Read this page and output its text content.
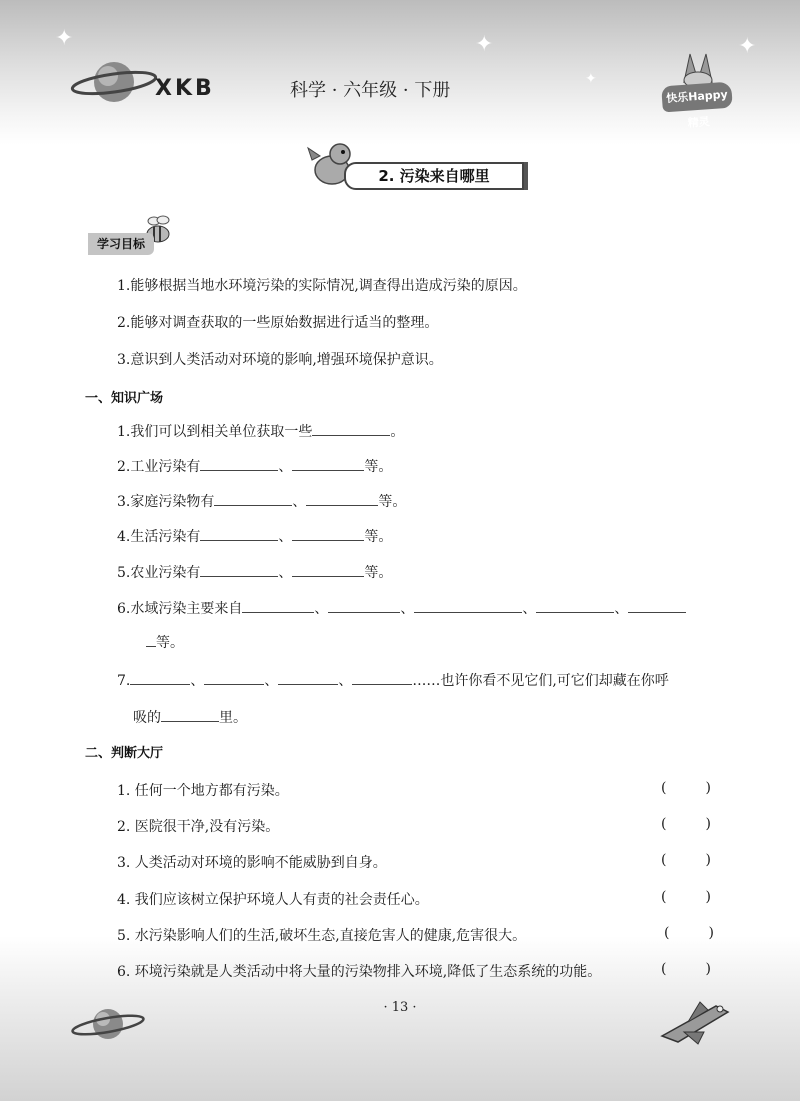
✦	✦	✦
✦
XKB	科学 · 六年级 · 下册	快乐Happy精灵
2. 污染来自哪里
学习目标
1.能够根据当地水环境污染的实际情况,调查得出造成污染的原因。
2.能够对调查获取的一些原始数据进行适当的整理。
3.意识到人类活动对环境的影响,增强环境保护意识。
一、知识广场
1.我们可以到相关单位获取一些	。
2.工业污染有	、	等。
3.家庭污染物有	、	等。
4.生活污染有	、	等。
5.农业污染有	、	等。
6.水域污染主要来自	、	、	、	、
等。
7.	、	、	、	……也许你看不见它们,可它们却藏在你呼
吸的	里。
二、判断大厅
1. 任何一个地方都有污染。	(	)
2. 医院很干净,没有污染。	(	)
3. 人类活动对环境的影响不能威胁到自身。	(	)
4. 我们应该树立保护环境人人有责的社会责任心。	(	)
5. 水污染影响人们的生活,破坏生态,直接危害人的健康,危害很大。	(	)
6. 环境污染就是人类活动中将大量的污染物排入环境,降低了生态系统的功能。	(	)
· 13 ·
